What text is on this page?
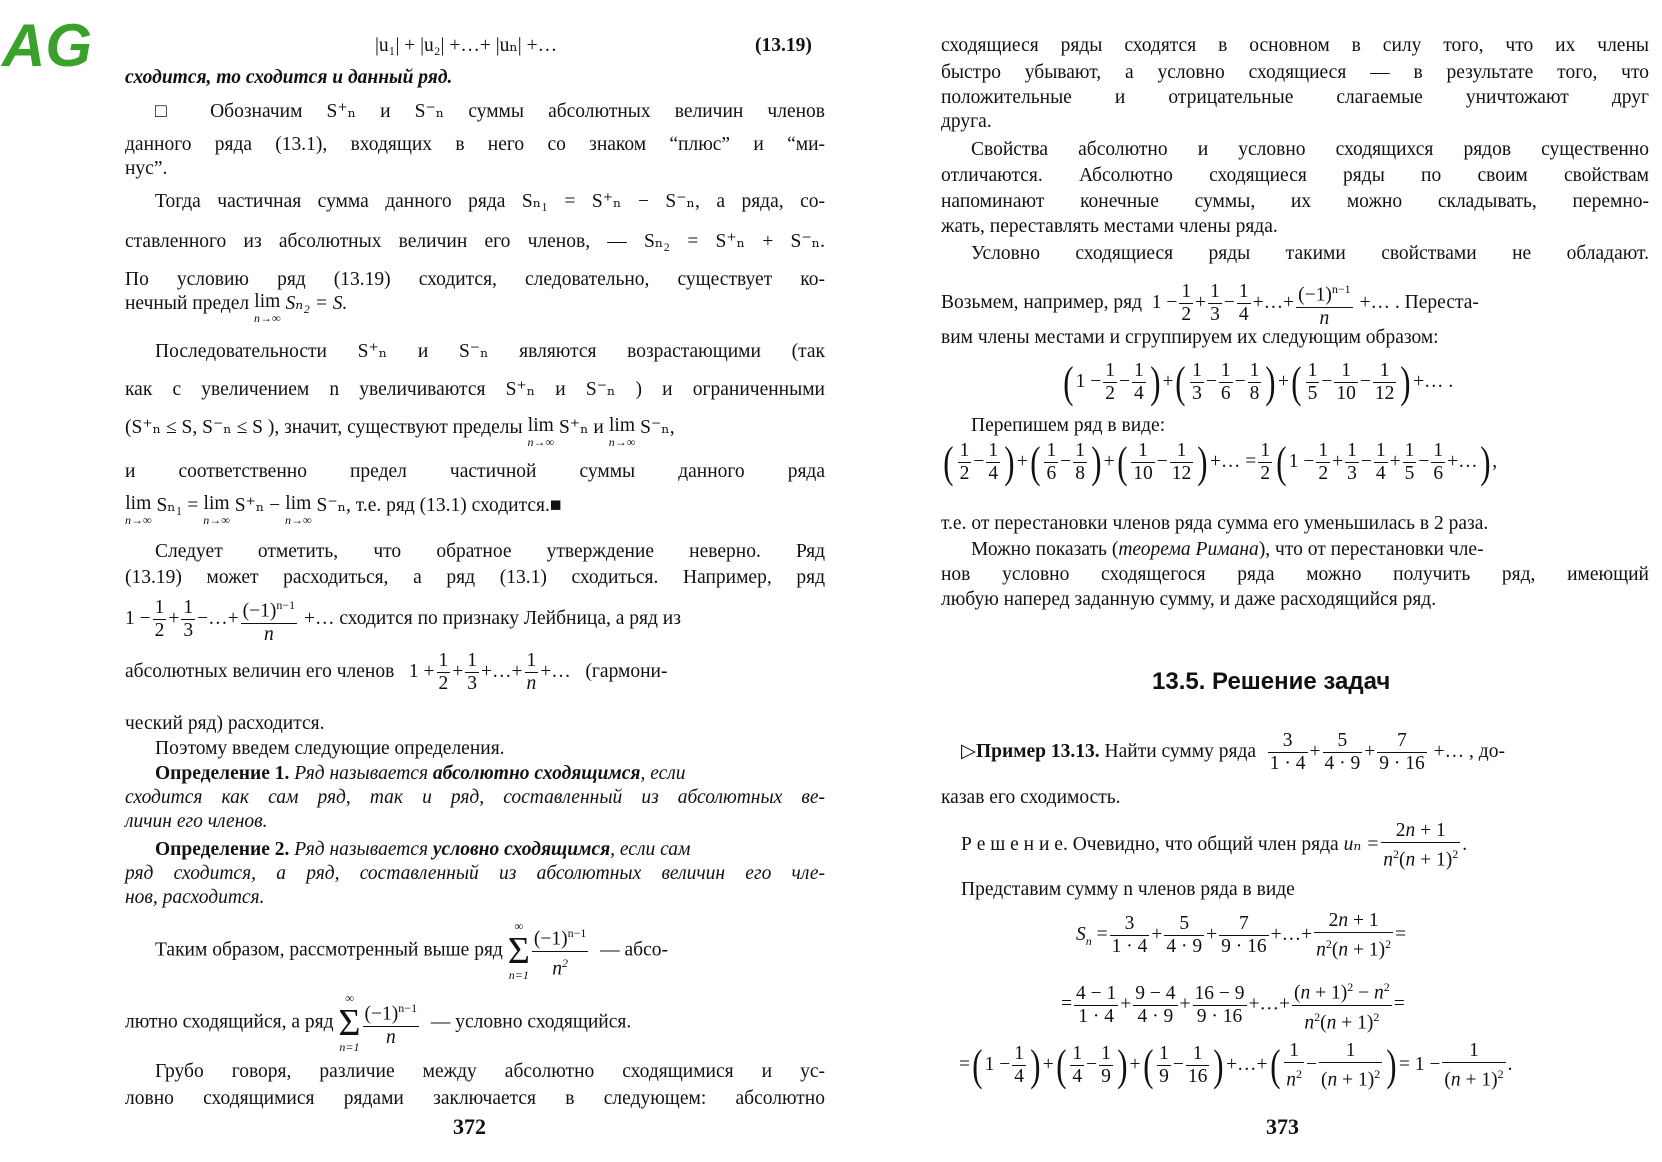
AG	|u₁| + |u₂| +…+ |uₙ| +…	(13.19)
сходится, то сходится и данный ряд.
□ Обозначим S⁺ₙ и S⁻ₙ суммы абсолютных величин членов
данного ряда (13.1), входящих в него со знаком “плюс” и “ми-
нус”.
Тогда частичная сумма данного ряда Sₙ₁ = S⁺ₙ − S⁻ₙ, а ряда, со-
ставленного из абсолютных величин его членов, — Sₙ₂ = S⁺ₙ + S⁻ₙ.
По условию ряд (13.19) сходится, следовательно, существует ко-
нечный предел lim
n→∞
Sₙ₂ = S.
Последовательности S⁺ₙ и S⁻ₙ являются возрастающими (так
как с увеличением n увеличиваются S⁺ₙ и S⁻ₙ ) и ограниченными
(S⁺ₙ ≤ S, S⁻ₙ ≤ S ), значит, существуют пределы lim
n→∞
S⁺ₙ и lim
n→∞
S⁻ₙ,
и соответственно предел частичной суммы данного ряда
lim
n→∞
Sₙ₁ = lim
n→∞
S⁺ₙ − lim
n→∞
S⁻ₙ, т.е. ряд (13.1) сходится.■
Следует отметить, что обратное утверждение неверно. Ряд
(13.19) может расходиться, а ряд (13.1) сходиться. Например, ряд
$1 - \frac{1}{2} + \frac{1}{3}$ −…+ $\frac{(-1)^{n-1}}{n}$ +… сходится по признаку Лейбница, а ряд из
абсолютных величин его членов $1 + \frac{1}{2} + \frac{1}{3}$ +…+ $\frac{1}{n}$ +… (гармони-
ческий ряд) расходится.
Поэтому введем следующие определения.
Определение 1. Ряд называется абсолютно сходящимся, если
сходится как сам ряд, так и ряд, составленный из абсолютных ве-
личин его членов.
Определение 2. Ряд называется условно сходящимся, если сам
ряд сходится, а ряд, составленный из абсолютных величин его чле-
нов, расходится.
Таким образом, рассмотренный выше ряд
∞
Σ
$n=1 \frac{(-1)^{n-1}}{n^2}$ — абсо-
лютно сходящийся, а ряд
∞
Σ
$n=1 \frac{(-1)^{n-1}}{n}$ — условно сходящийся.
Грубо говоря, различие между абсолютно сходящимися и ус-
ловно сходящимися рядами заключается в следующем: абсолютно
372
сходящиеся ряды сходятся в основном в силу того, что их члены
быстро убывают, а условно сходящиеся — в результате того, что
положительные и отрицательные слагаемые уничтожают друг
друга.
Свойства абсолютно и условно сходящихся рядов существенно
отличаются. Абсолютно сходящиеся ряды по своим свойствам
напоминают конечные суммы, их можно складывать, перемно-
жать, переставлять местами члены ряда.
Условно сходящиеся ряды такими свойствами не обладают.
Возьмем, например, ряд $1 - \frac{1}{2} + \frac{1}{3} - \frac{1}{4}$ +…+ $\frac{(-1)^{n-1}}{n}$ +… . Переста-
вим члены местами и сгруппируем их следующим образом:
( $1 - \frac{1}{2} - \frac{1}{4}$ ) +( $\frac{1}{3} - \frac{1}{6} - \frac{1}{8}$ ) +( $\frac{1}{5} - \frac{1}{10} - \frac{1}{12}$ ) +… .
Перепишем ряд в виде:
( $\frac{1}{2} - \frac{1}{4}$ ) +( $\frac{1}{6} - \frac{1}{8}$ ) +( $\frac{1}{10} - \frac{1}{12}$ ) +… = $\frac{1}{2}$ ( $1 - \frac{1}{2} + \frac{1}{3} - \frac{1}{4} + \frac{1}{5} - \frac{1}{6}$ +…) ,
т.е. от перестановки членов ряда сумма его уменьшилась в 2 раза.
Можно показать (теорема Римана), что от перестановки чле-
нов условно сходящегося ряда можно получить ряд, имеющий
любую наперед заданную сумму, и даже расходящийся ряд.
13.5. Решение задач
▷Пример 13.13. Найти сумму ряда $\frac{3}{1 \cdot 4} + \frac{5}{4 \cdot 9} + \frac{7}{9 \cdot 16}$ +… , до-
казав его сходимость.
Р е ш е н и е. Очевидно, что общий член ряда $u_n = \frac{2n + 1}{n^2(n + 1)^2}$ .
Представим сумму n членов ряда в виде
$S_n = \frac{3}{1 \cdot 4} + \frac{5}{4 \cdot 9} + \frac{7}{9 \cdot 16}$ +…+ $\frac{2n + 1}{n^2(n + 1)^2}$ =
= $\frac{4 - 1}{1 \cdot 4} + \frac{9 - 4}{4 \cdot 9} + \frac{16 - 9}{9 \cdot 16}$ +…+ $\frac{(n + 1)^2 - n^2}{n^2(n + 1)^2}$ =
=( $1 - \frac{1}{4}$ ) +( $\frac{1}{4} - \frac{1}{9}$ ) +( $\frac{1}{9} - \frac{1}{16}$ ) +…+( $\frac{1}{n^2} - \frac{1}{(n + 1)^2}$ ) = $1 - \frac{1}{(n + 1)^2}$ .
373
